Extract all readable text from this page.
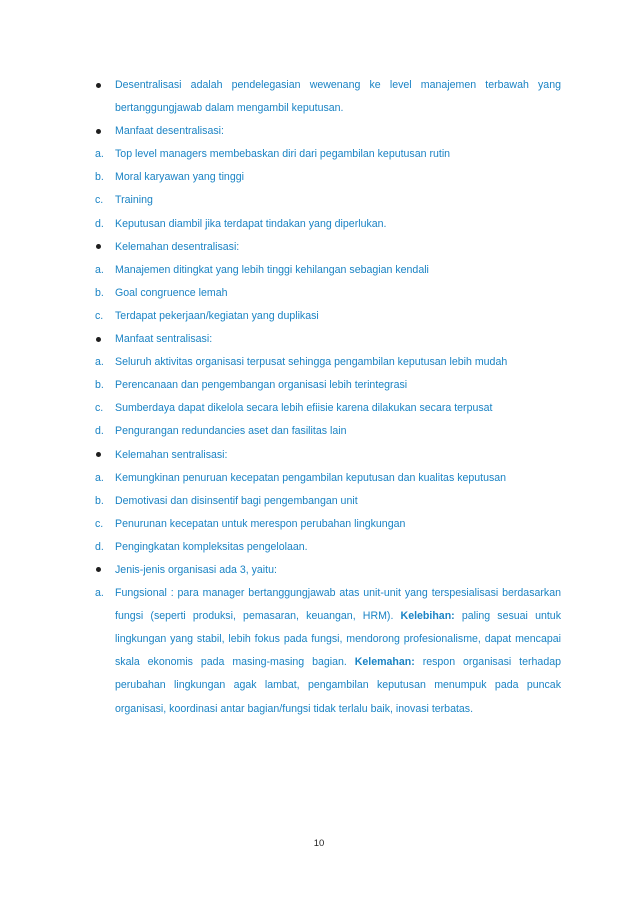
Desentralisasi adalah pendelegasian wewenang ke level manajemen terbawah yang bertanggungjawab dalam mengambil keputusan.
Manfaat desentralisasi:
a. Top level managers membebaskan diri dari pegambilan keputusan rutin
b. Moral karyawan yang tinggi
c. Training
d. Keputusan diambil jika terdapat tindakan yang diperlukan.
Kelemahan desentralisasi:
a. Manajemen ditingkat yang lebih tinggi kehilangan sebagian kendali
b. Goal congruence lemah
c. Terdapat pekerjaan/kegiatan yang duplikasi
Manfaat sentralisasi:
a. Seluruh aktivitas organisasi terpusat sehingga pengambilan keputusan lebih mudah
b. Perencanaan dan pengembangan organisasi lebih terintegrasi
c. Sumberdaya dapat dikelola secara lebih efiisie karena dilakukan secara terpusat
d. Pengurangan redundancies aset dan fasilitas lain
Kelemahan sentralisasi:
a. Kemungkinan penuruan kecepatan pengambilan keputusan dan kualitas keputusan
b. Demotivasi dan disinsentif bagi pengembangan unit
c. Penurunan kecepatan untuk merespon perubahan lingkungan
d. Pengingkatan kompleksitas pengelolaan.
Jenis-jenis organisasi ada 3, yaitu:
a. Fungsional : para manager bertanggungjawab atas unit-unit yang terspesialisasi berdasarkan fungsi (seperti produksi, pemasaran, keuangan, HRM). Kelebihan: paling sesuai untuk lingkungan yang stabil, lebih fokus pada fungsi, mendorong profesionalisme, dapat mencapai skala ekonomis pada masing-masing bagian. Kelemahan: respon organisasi terhadap perubahan lingkungan agak lambat, pengambilan keputusan menumpuk pada puncak organisasi, koordinasi antar bagian/fungsi tidak terlalu baik, inovasi terbatas.
10
